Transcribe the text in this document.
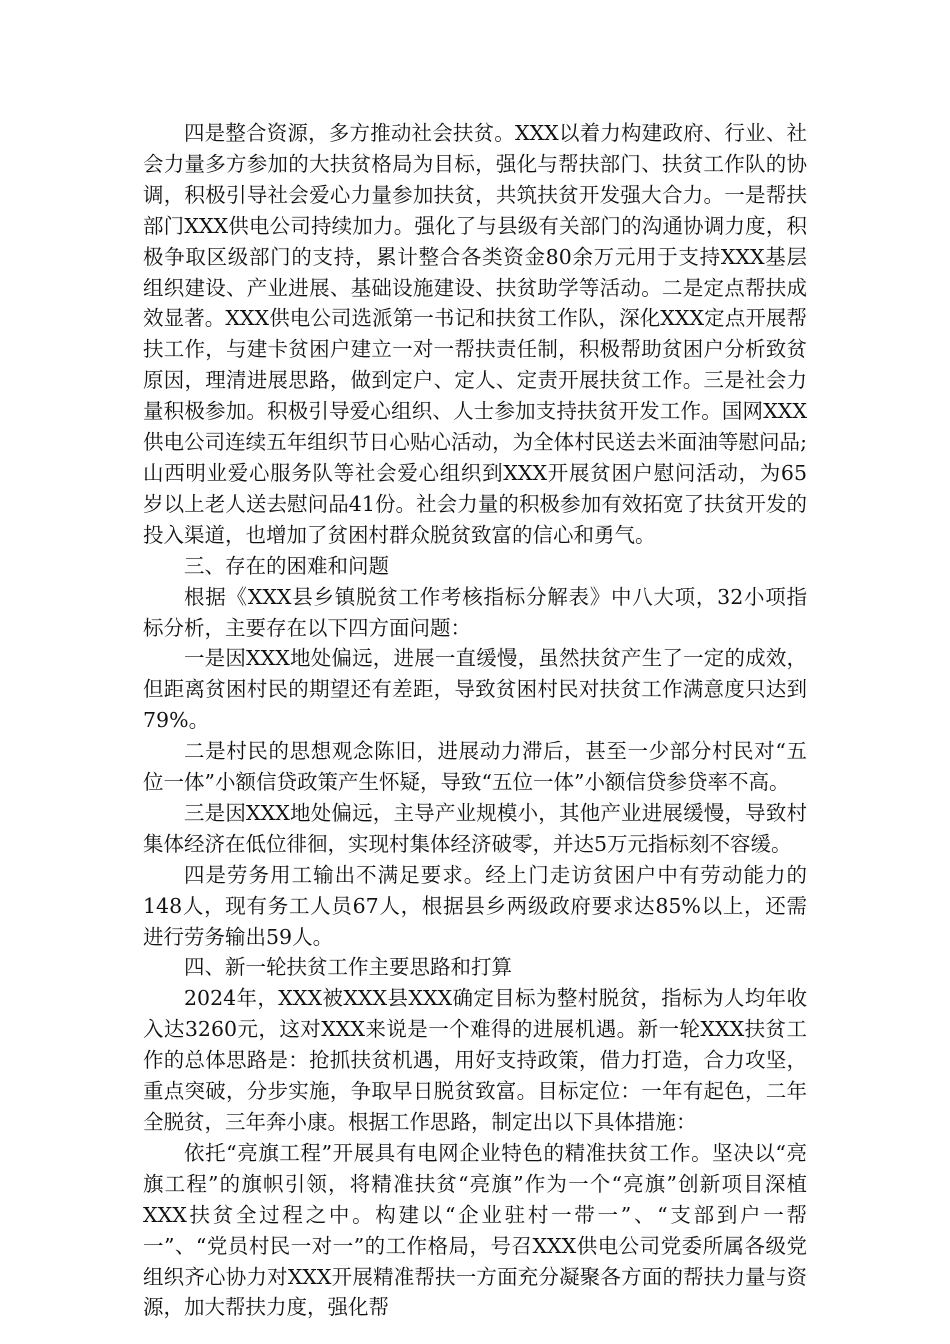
四是整合资源，多方推动社会扶贫。XXX以着力构建政府、行业、社会力量多方参加的大扶贫格局为目标，强化与帮扶部门、扶贫工作队的协调，积极引导社会爱心力量参加扶贫，共筑扶贫开发强大合力。一是帮扶部门XXX供电公司持续加力。强化了与县级有关部门的沟通协调力度，积极争取区级部门的支持，累计整合各类资金80余万元用于支持XXX基层组织建设、产业进展、基础设施建设、扶贫助学等活动。二是定点帮扶成效显著。XXX供电公司选派第一书记和扶贫工作队，深化XXX定点开展帮扶工作，与建卡贫困户建立一对一帮扶责任制，积极帮助贫困户分析致贫原因，理清进展思路，做到定户、定人、定责开展扶贫工作。三是社会力量积极参加。积极引导爱心组织、人士参加支持扶贫开发工作。国网XXX供电公司连续五年组织节日心贴心活动，为全体村民送去米面油等慰问品;山西明业爱心服务队等社会爱心组织到XXX开展贫困户慰问活动，为65岁以上老人送去慰问品41份。社会力量的积极参加有效拓宽了扶贫开发的投入渠道，也增加了贫困村群众脱贫致富的信心和勇气。

三、存在的困难和问题

根据《XXX县乡镇脱贫工作考核指标分解表》中八大项，32小项指标分析，主要存在以下四方面问题：

一是因XXX地处偏远，进展一直缓慢，虽然扶贫产生了一定的成效，但距离贫困村民的期望还有差距，导致贫困村民对扶贫工作满意度只达到79%。

二是村民的思想观念陈旧，进展动力滞后，甚至一少部分村民对“五位一体”小额信贷政策产生怀疑，导致“五位一体”小额信贷参贷率不高。

三是因XXX地处偏远，主导产业规模小，其他产业进展缓慢，导致村集体经济在低位徘徊，实现村集体经济破零，并达5万元指标刻不容缓。

四是劳务用工输出不满足要求。经上门走访贫困户中有劳动能力的148人，现有务工人员67人，根据县乡两级政府要求达85%以上，还需进行劳务输出59人。

四、新一轮扶贫工作主要思路和打算

2024年，XXX被XXX县XXX确定目标为整村脱贫，指标为人均年收入达3260元，这对XXX来说是一个难得的进展机遇。新一轮XXX扶贫工作的总体思路是：抢抓扶贫机遇，用好支持政策，借力打造，合力攻坚，重点突破，分步实施，争取早日脱贫致富。目标定位：一年有起色，二年全脱贫，三年奔小康。根据工作思路，制定出以下具体措施：

依托“亮旗工程”开展具有电网企业特色的精准扶贫工作。坚决以“亮旗工程”的旗帜引领，将精准扶贫“亮旗”作为一个“亮旗”创新项目深植XXX扶贫全过程之中。构建以“企业驻村一带一”、“支部到户一帮一”、“党员村民一对一”的工作格局，号召XXX供电公司党委所属各级党组织齐心协力对XXX开展精准帮扶一方面充分凝聚各方面的帮扶力量与资源，加大帮扶力度，强化帮
